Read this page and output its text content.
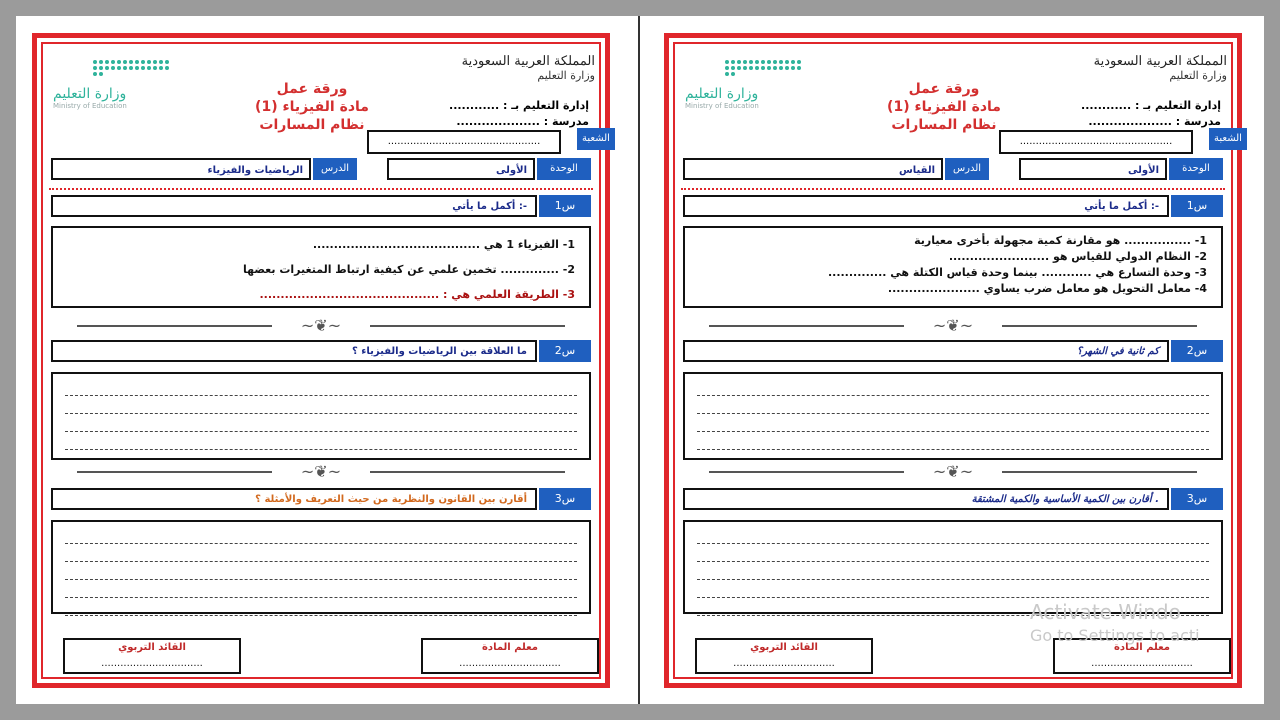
المملكة العربية السعودية
وزارة التعليم
إدارة التعليم بـ : ............
مدرسة : ....................
ورقة عمل
مادة الفيزياء (1)
نظام المسارات
وزارة التعليم
Ministry of Education
................................................	الشعبة
الرياضيات والفيزياء	الدرس	الأولى	الوحدة
أكمل ما يأتي :-	س1
1- الفيزياء 1 هي ........................................
2- .............. تخمين علمي عن كيفية ارتباط المتغيرات بعضها
3- الطريقة العلمي هي : ...........................................
~❦~
ما العلاقة بين الرياضيات والفيزياء ؟	س2
~❦~
أقارن بين القانون والنظرية من حيث التعريف والأمثلة ؟	س3
القائد التربوي
................................
معلم المادة
................................
المملكة العربية السعودية
وزارة التعليم
إدارة التعليم بـ : ............
مدرسة : ....................
ورقة عمل
مادة الفيزياء (1)
نظام المسارات
وزارة التعليم
Ministry of Education
................................................	الشعبة
القياس	الدرس	الأولى	الوحدة
أكمل ما يأتي :-	س1
1- ................ هو مقارنة كمية مجهولة بأخرى معيارية
2- النظام الدولي للقياس هو ........................
3- وحدة التسارع هي ............ بينما وحدة قياس الكتلة هي ..............
4- معامل التحويل هو معامل ضرب يساوي ......................
~❦~
كم ثانية في الشهر؟	س2
~❦~
أقارن بين الكمية الأساسية والكمية المشتقة .	س3
القائد التربوي
................................
معلم المادة
................................
Activate Windo
Go to Settings to acti
